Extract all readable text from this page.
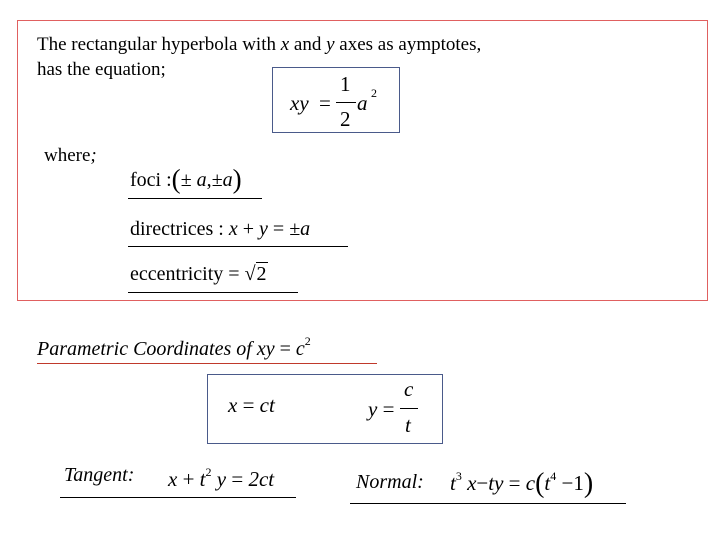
The rectangular hyperbola with x and y axes as aymptotes,
has the equation;
xy =
1
2
a 2
where;
foci :(± a,±a)
directrices : x + y = ±a
eccentricity = √2
Parametric Coordinates of xy = $c^2$
x = ct	y =
c
t
Tangent: $x + t^2$ y = 2ct	Normal: $t^3$ $x-ty = c(t^4 -1)$
